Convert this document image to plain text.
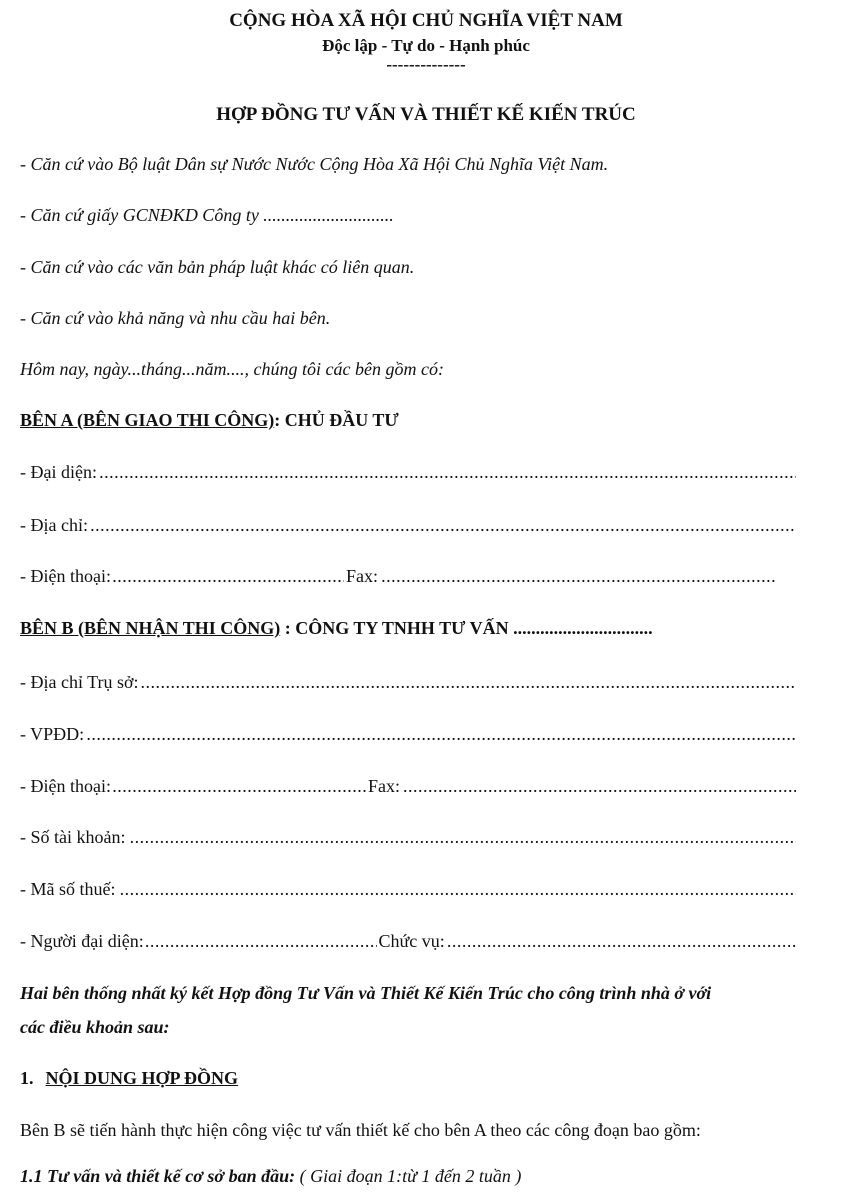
CỘNG HÒA XÃ HỘI CHỦ NGHĨA VIỆT NAM
Độc lập - Tự do - Hạnh phúc
--------------
HỢP ĐỒNG TƯ VẤN VÀ THIẾT KẾ KIẾN TRÚC
- Căn cứ vào Bộ luật Dân sự Nước Nước Cộng Hòa Xã Hội Chủ Nghĩa Việt Nam.
- Căn cứ giấy GCNĐKD Công ty .............................
- Căn cứ vào các văn bản pháp luật khác có liên quan.
- Căn cứ vào khả năng và nhu cầu hai bên.
Hôm nay, ngày...tháng...năm...., chúng tôi các bên gồm có:
BÊN A (BÊN GIAO THI CÔNG): CHỦ ĐẦU TƯ
- Đại diện:
.....
- Địa chỉ:
.....
- Điện thoại: .....	Fax:
.....
BÊN B (BÊN NHẬN THI CÔNG) : CÔNG TY TNHH TƯ VẤN ...............................
- Địa chỉ Trụ sở:
.....
- VPĐD:
.....
- Điện thoại: .....	Fax:
.....
- Số tài khoản:
.....
- Mã số thuế:
.....
- Người đại diện: .....	Chức vụ:
.....
Hai bên thống nhất ký kết Hợp đồng Tư Vấn và Thiết Kế Kiến Trúc cho công trình nhà ở với
các điều khoản sau:
1. NỘI DUNG HỢP ĐỒNG
Bên B sẽ tiến hành thực hiện công việc tư vấn thiết kế cho bên A theo các công đoạn bao gồm:
1.1 Tư vấn và thiết kế cơ sở ban đầu: ( Giai đoạn 1:từ 1 đến 2 tuần )
